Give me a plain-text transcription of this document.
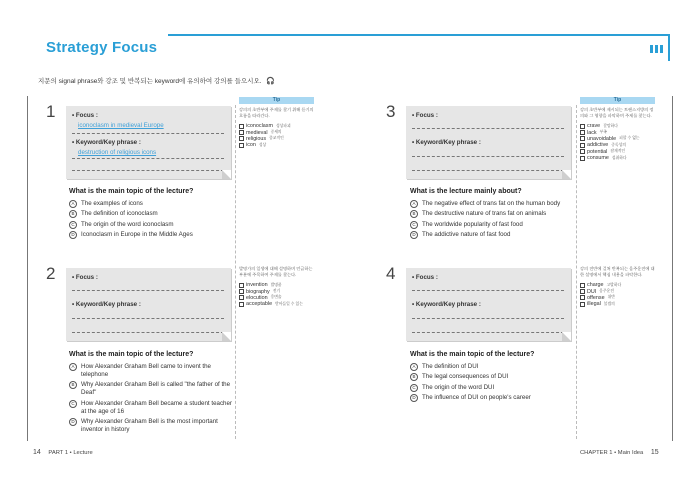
Strategy Focus
지문의 signal phrase와 강조 및 반복되는 keyword에 유의하여 강의를 들으시오. 🎧
1	• Focus :
iconoclasm in medieval Europe
• Keyword/Key phrase :
destruction of religious icons
What is the main topic of the lecture?
A	The examples of icons
B	The definition of iconoclasm
C	The origin of the word iconoclasm
D	Iconoclasm in Europe in the Middle Ages
Tip
강의의 초반부에 주제를 찾기 위해 듣기의 흐름을 따라간다.
iconoclasm 성상파괴
medieval 중세의
religious 종교적인
icon 성상
2	• Focus :
• Keyword/Key phrase :
What is the main topic of the lecture?
A	How Alexander Graham Bell came to invent the telephone
B	Why Alexander Graham Bell is called "the father of the Deaf"
C	How Alexander Graham Bell became a student teacher at the age of 16
D	Why Alexander Graham Bell is the most important inventor in history
발명가의 일생에 대해 설명하며 언급하는 부분에 주목하여 주제를 찾는다.
invention 발명품
biography 전기
elocution 웅변술
acceptable 받아들일 수 있는
3	• Focus :
• Keyword/Key phrase :
What is the lecture mainly about?
A	The negative effect of trans fat on the human body
B	The destructive nature of trans fat on animals
C	The worldwide popularity of fast food
D	The addictive nature of fast food
Tip
강의 초반부에 제시되는 트랜스지방의 정의와 그 영향을 파악하며 주제를 찾는다.
crave 갈망하다
lack 부족
unavoidable 피할 수 없는
addictive 중독성의
potential 잠재적인
consume 섭취하다
4	• Focus :
• Keyword/Key phrase :
What is the main topic of the lecture?
A	The definition of DUI
B	The legal consequences of DUI
C	The origin of the word DUI
D	The influence of DUI on people's career
강의 전반에 걸쳐 반복되는 음주운전에 대한 설명에서 핵심 내용을 파악한다.
charge 고발하다
DUI 음주운전
offense 위반
illegal 불법의
14 PART 1 • Lecture	CHAPTER 1 • Main Idea 15
